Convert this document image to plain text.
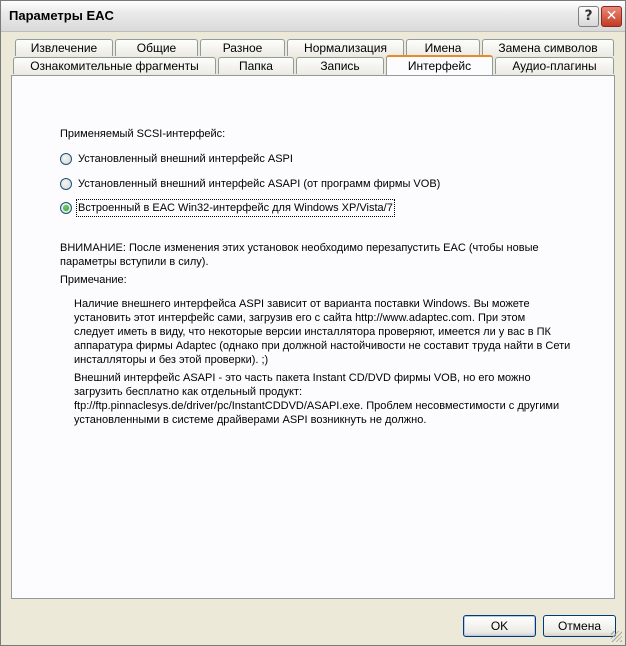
Параметры EAC	? ✕
Извлечение	Общие	Разное	Нормализация	Имена	Замена символов
Ознакомительные фрагменты	Папка	Запись	Интерфейс	Аудио-плагины
Применяемый SCSI-интерфейс:
Установленный внешний интерфейс ASPI
Установленный внешний интерфейс ASAPI (от программ фирмы VOB)
Встроенный в EAC Win32-интерфейс для Windows XP/Vista/7
ВНИМАНИЕ: После изменения этих установок необходимо перезапустить EAC (чтобы новые
параметры вступили в силу).
Примечание:
Наличие внешнего интерфейса ASPI зависит от варианта поставки Windows. Вы можете
установить этот интерфейс сами, загрузив его с сайта http://www.adaptec.com. При этом
следует иметь в виду, что некоторые версии инсталлятора проверяют, имеется ли у вас в ПК
аппаратура фирмы Adaptec (однако при должной настойчивости не составит труда найти в Сети
инсталляторы и без этой проверки). ;)
Внешний интерфейс ASAPI - это часть пакета Instant CD/DVD фирмы VOB, но его можно
загрузить бесплатно как отдельный продукт:
ftp://ftp.pinnaclesys.de/driver/pc/InstantCDDVD/ASAPI.exe. Проблем несовместимости с другими
установленными в системе драйверами ASPI возникнуть не должно.
OK	Отмена
